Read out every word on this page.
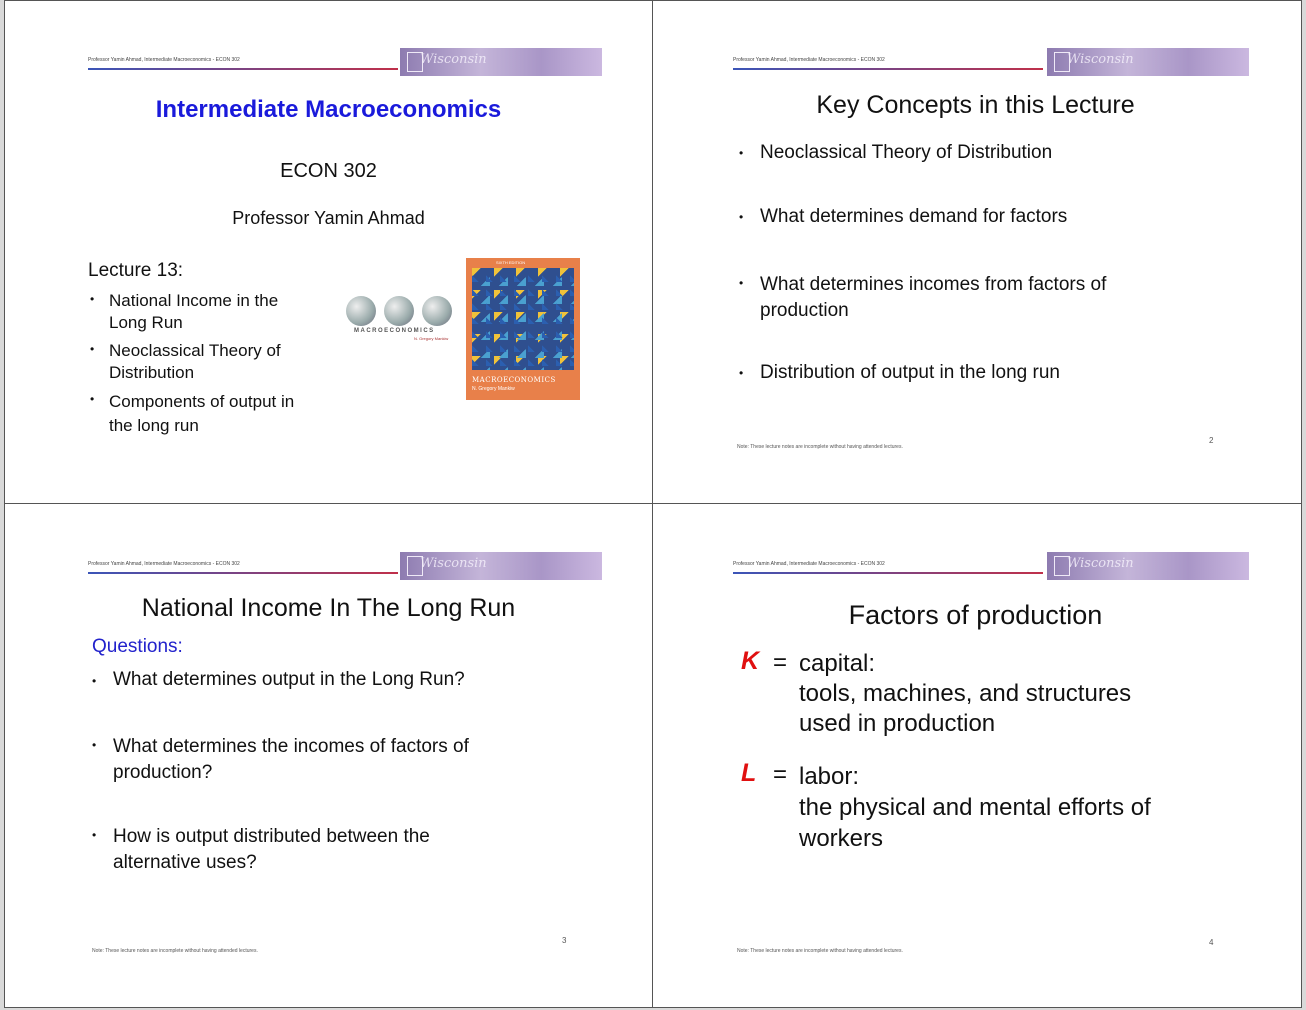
Professor Yamin Ahmad, Intermediate Macroeconomics - ECON 302	Wisconsin
Intermediate Macroeconomics
ECON 302
Professor Yamin Ahmad
Lecture 13:
• National Income in the
Long Run
• Neoclassical Theory of
Distribution
• Components of output in
the long run
MACROECONOMICS
N. Gregory Mankiw
SIXTH EDITION
MACROECONOMICS
N. Gregory Mankiw
Professor Yamin Ahmad, Intermediate Macroeconomics - ECON 302	Wisconsin
Key Concepts in this Lecture
• Neoclassical Theory of Distribution
• What determines demand for factors
• What determines incomes from factors of
production
• Distribution of output in the long run
Note: These lecture notes are incomplete without having attended lectures.
2
Professor Yamin Ahmad, Intermediate Macroeconomics - ECON 302	Wisconsin
National Income In The Long Run
Questions:
• What determines output in the Long Run?
• What determines the incomes of factors of
production?
• How is output distributed between the
alternative uses?
Note: These lecture notes are incomplete without having attended lectures.
3
Professor Yamin Ahmad, Intermediate Macroeconomics - ECON 302	Wisconsin
Factors of production
K = capital:
tools, machines, and structures
used in production
L = labor:
the physical and mental efforts of
workers
Note: These lecture notes are incomplete without having attended lectures.
4
